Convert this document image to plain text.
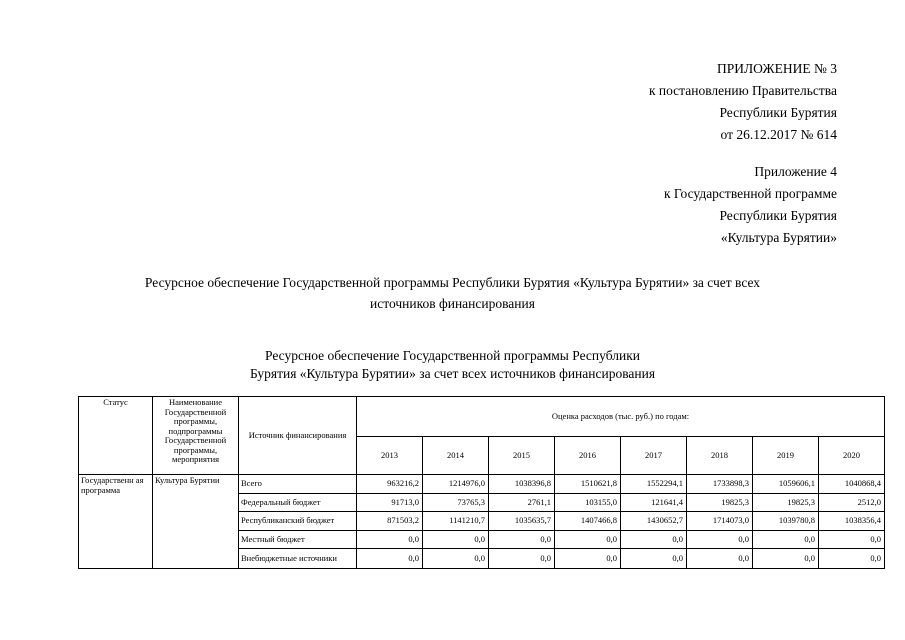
ПРИЛОЖЕНИЕ № 3
к постановлению Правительства
Республики Бурятия
от 26.12.2017 № 614
Приложение 4
к Государственной программе
Республики Бурятия
«Культура Бурятии»
Ресурсное обеспечение Государственной программы Республики Бурятия «Культура Бурятии» за счет всех
источников финансирования
Ресурсное обеспечение Государственной программы Республики
Бурятия «Культура Бурятии» за счет всех источников финансирования
Статус	Наименование Государственной программы, подпрограммы Государственной программы, мероприятия	Источник финансирования	Оценка расходов (тыс. руб.) по годам:							
			2013	2014	2015	2016	2017	2018	2019	2020
Государственн ая программа	Культура Бурятии	Всего	963216,2	1214976,0	1038396,8	1510621,8	1552294,1	1733898,3	1059606,1	1040868,4
		Федеральный бюджет	91713,0	73765,3	2761,1	103155,0	121641,4	19825,3	19825,3	2512,0
		Республиканский бюджет	871503,2	1141210,7	1035635,7	1407466,8	1430652,7	1714073,0	1039780,8	1038356,4
		Местный бюджет	0,0	0,0	0,0	0,0	0,0	0,0	0,0	0,0
		Внебюджетные источники	0,0	0,0	0,0	0,0	0,0	0,0	0,0	0,0
